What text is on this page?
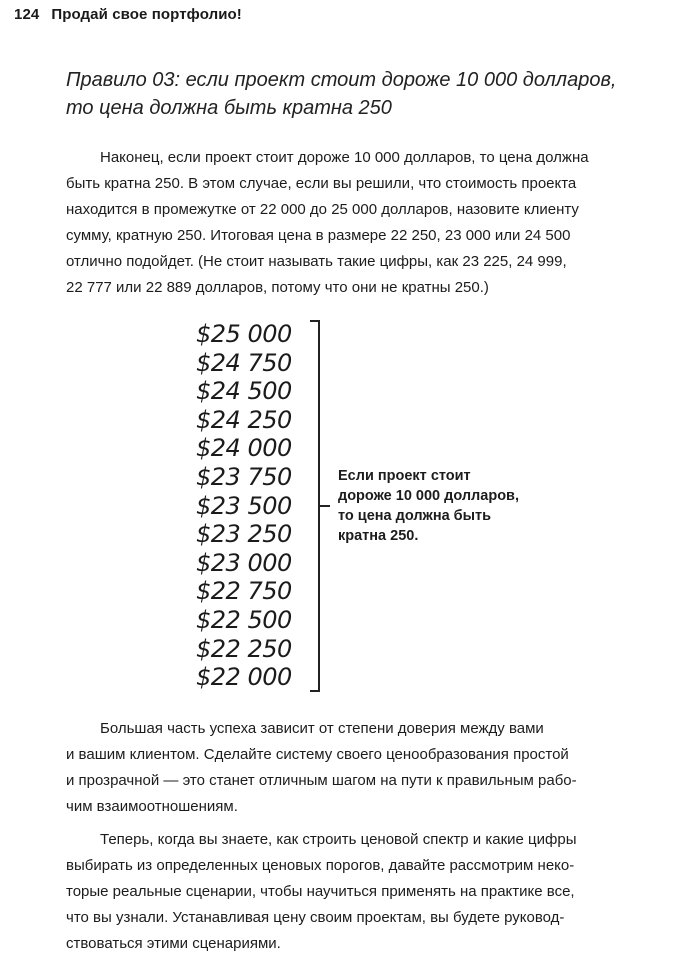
124 Продай свое портфолио!
Правило 03: если проект стоит дороже 10 000 долларов,
то цена должна быть кратна 250
Наконец, если проект стоит дороже 10 000 долларов, то цена должна
быть кратна 250. В этом случае, если вы решили, что стоимость проекта
находится в промежутке от 22 000 до 25 000 долларов, назовите клиенту
сумму, кратную 250. Итоговая цена в размере 22 250, 23 000 или 24 500
отлично подойдет. (Не стоит называть такие цифры, как 23 225, 24 999,
22 777 или 22 889 долларов, потому что они не кратны 250.)
$25 000
$24 750
$24 500
$24 250
$24 000
$23 750
$23 500
$23 250
$23 000
$22 750
$22 500
$22 250
$22 000
Если проект стоит
дороже 10 000 долларов,
то цена должна быть
кратна 250.
Большая часть успеха зависит от степени доверия между вами
и вашим клиентом. Сделайте систему своего ценообразования простой
и прозрачной — это станет отличным шагом на пути к правильным рабо-
чим взаимоотношениям.
Теперь, когда вы знаете, как строить ценовой спектр и какие цифры
выбирать из определенных ценовых порогов, давайте рассмотрим неко-
торые реальные сценарии, чтобы научиться применять на практике все,
что вы узнали. Устанавливая цену своим проектам, вы будете руковод-
ствоваться этими сценариями.
